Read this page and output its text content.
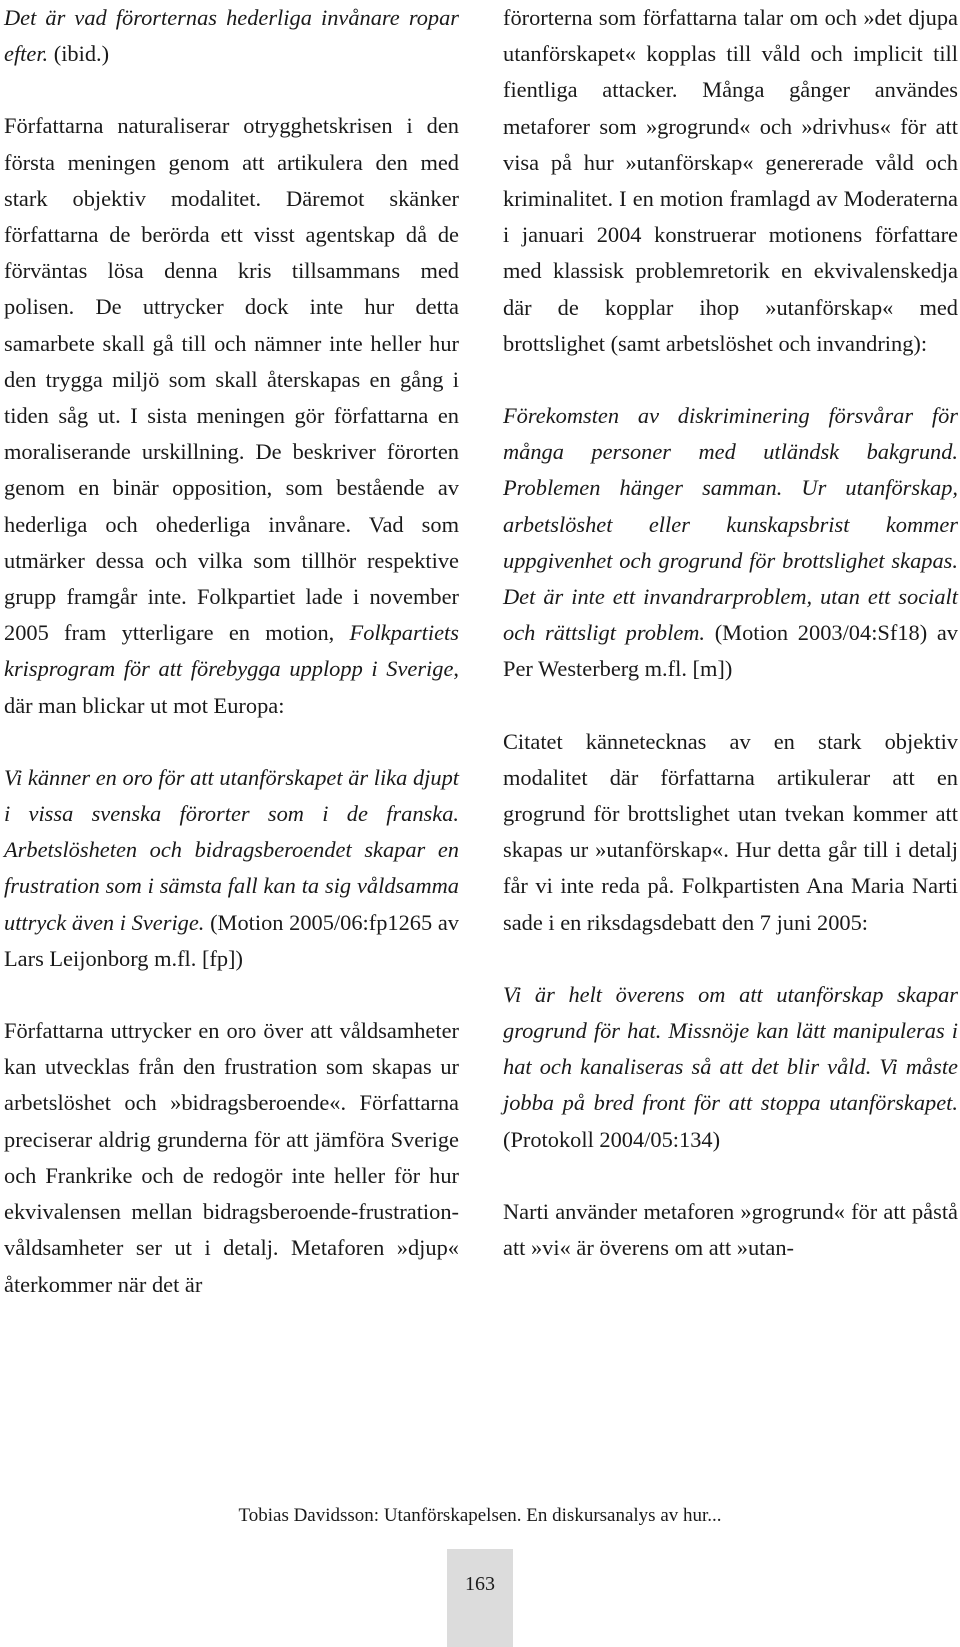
Det är vad förorternas hederliga invånare ropar efter. (ibid.)

Författarna naturaliserar otrygghetskrisen i den första meningen genom att artikulera den med stark objektiv modalitet. Däremot skänker författarna de berörda ett visst agentskap då de förväntas lösa denna kris tillsammans med polisen. De uttrycker dock inte hur detta samarbete skall gå till och nämner inte heller hur den trygga miljö som skall återskapas en gång i tiden såg ut. I sista meningen gör författarna en moraliserande urskillning. De beskriver förorten genom en binär opposition, som bestående av hederliga och ohederliga invånare. Vad som utmärker dessa och vilka som tillhör respektive grupp framgår inte. Folkpartiet lade i november 2005 fram ytterligare en motion, Folkpartiets krisprogram för att förebygga upplopp i Sverige, där man blickar ut mot Europa:

Vi känner en oro för att utanförskapet är lika djupt i vissa svenska förorter som i de franska. Arbetslösheten och bidragsberoendet skapar en frustration som i sämsta fall kan ta sig våldsamma uttryck även i Sverige. (Motion 2005/06:fp1265 av Lars Leijonborg m.fl. [fp])

Författarna uttrycker en oro över att våldsamheter kan utvecklas från den frustration som skapas ur arbetslöshet och »bidragsberoende«. Författarna preciserar aldrig grunderna för att jämföra Sverige och Frankrike och de redogör inte heller för hur ekvivalensen mellan bidragsberoende-frustration-våldsamheter ser ut i detalj. Metaforen »djup« återkommer när det är

förorterna som författarna talar om och »det djupa utanförskapet« kopplas till våld och implicit till fientliga attacker. Många gånger användes metaforer som »grogrund« och »drivhus« för att visa på hur »utanförskap« genererade våld och kriminalitet. I en motion framlagd av Moderaterna i januari 2004 konstruerar motionens författare med klassisk problemretorik en ekvivalenskedja där de kopplar ihop »utanförskap« med brottslighet (samt arbetslöshet och invandring):

Förekomsten av diskriminering försvårar för många personer med utländsk bakgrund. Problemen hänger samman. Ur utanförskap, arbetslöshet eller kunskapsbrist kommer uppgivenhet och grogrund för brottslighet skapas. Det är inte ett invandrarproblem, utan ett socialt och rättsligt problem. (Motion 2003/04:Sf18) av Per Westerberg m.fl. [m])

Citatet kännetecknas av en stark objektiv modalitet där författarna artikulerar att en grogrund för brottslighet utan tvekan kommer att skapas ur »utanförskap«. Hur detta går till i detalj får vi inte reda på. Folkpartisten Ana Maria Narti sade i en riksdagsdebatt den 7 juni 2005:

Vi är helt överens om att utanförskap skapar grogrund för hat. Missnöje kan lätt manipuleras i hat och kanaliseras så att det blir våld. Vi måste jobba på bred front för att stoppa utanförskapet. (Protokoll 2004/05:134)

Narti använder metaforen »grogrund« för att påstå att »vi« är överens om att »utan-

Tobias Davidsson: Utanförskapelsen. En diskursanalys av hur...
163
